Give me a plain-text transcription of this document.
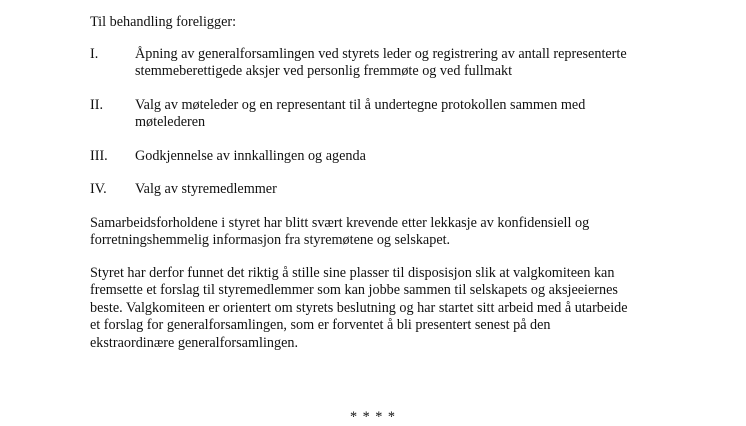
Til behandling foreligger:

I.	Åpning av generalforsamlingen ved styrets leder og registrering av antall representerte stemmeberettigede aksjer ved personlig fremmøte og ved fullmakt
II.	Valg av møteleder og en representant til å undertegne protokollen sammen med møtelederen
III.	Godkjennelse av innkallingen og agenda
IV.	Valg av styremedlemmer

Samarbeidsforholdene i styret har blitt svært krevende etter lekkasje av konfidensiell og forretningshemmelig informasjon fra styremøtene og selskapet.

Styret har derfor funnet det riktig å stille sine plasser til disposisjon slik at valgkomiteen kan fremsette et forslag til styremedlemmer som kan jobbe sammen til selskapets og aksjeeiernes beste. Valgkomiteen er orientert om styrets beslutning og har startet sitt arbeid med å utarbeide et forslag for generalforsamlingen, som er forventet å bli presentert senest på den ekstraordinære generalforsamlingen.

* * * *
